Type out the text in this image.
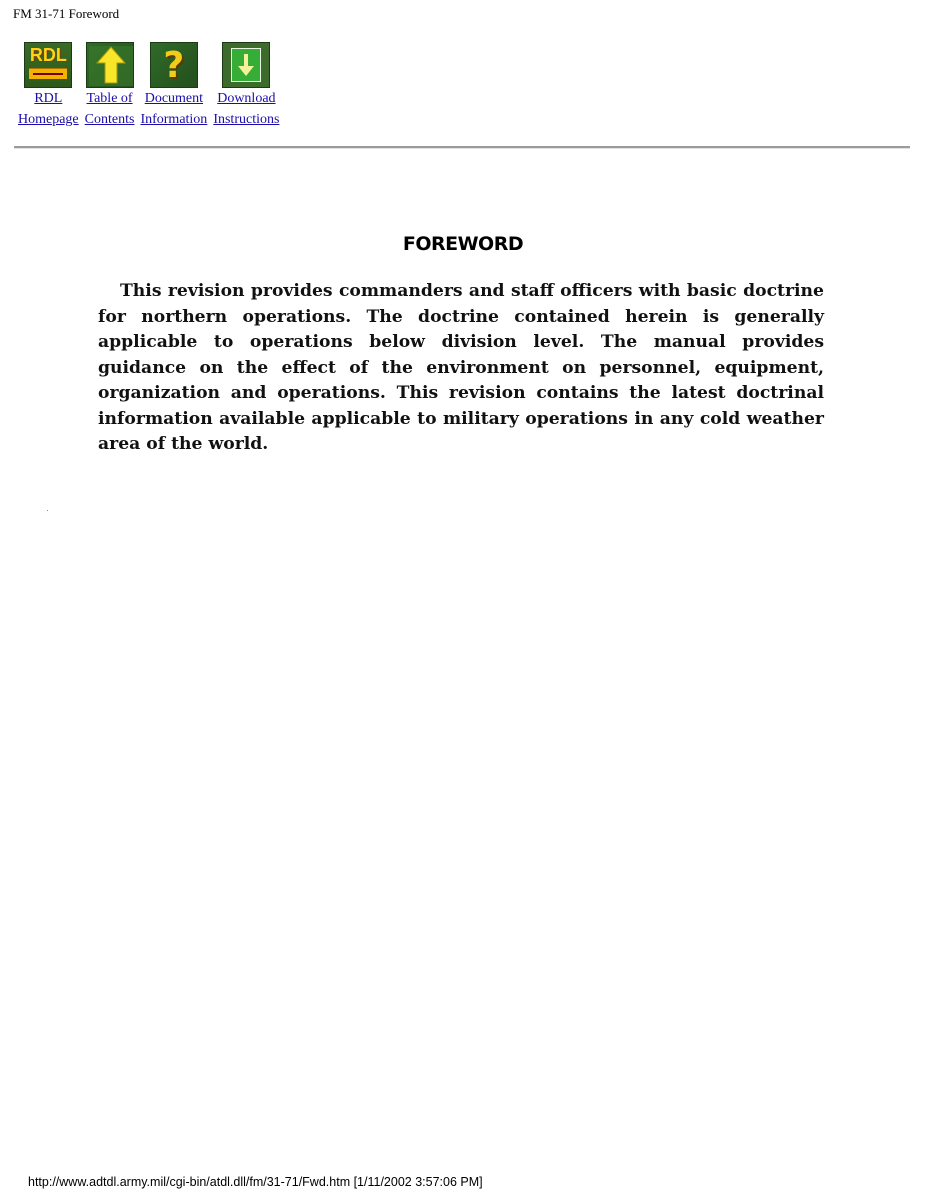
FM 31-71 Foreword
RDL
RDL
Homepage
Table of
Contents
?
Document
Information
Download
Instructions
FOREWORD
This revision provides commanders and staff officers with basic doctrine for northern operations. The doctrine contained herein is generally applicable to operations below division level. The manual provides guidance on the effect of the environment on personnel, equipment, organization and operations. This revision contains the latest doctrinal information available applicable to military operations in any cold weather area of the world.
http://www.adtdl.army.mil/cgi-bin/atdl.dll/fm/31-71/Fwd.htm [1/11/2002 3:57:06 PM]
